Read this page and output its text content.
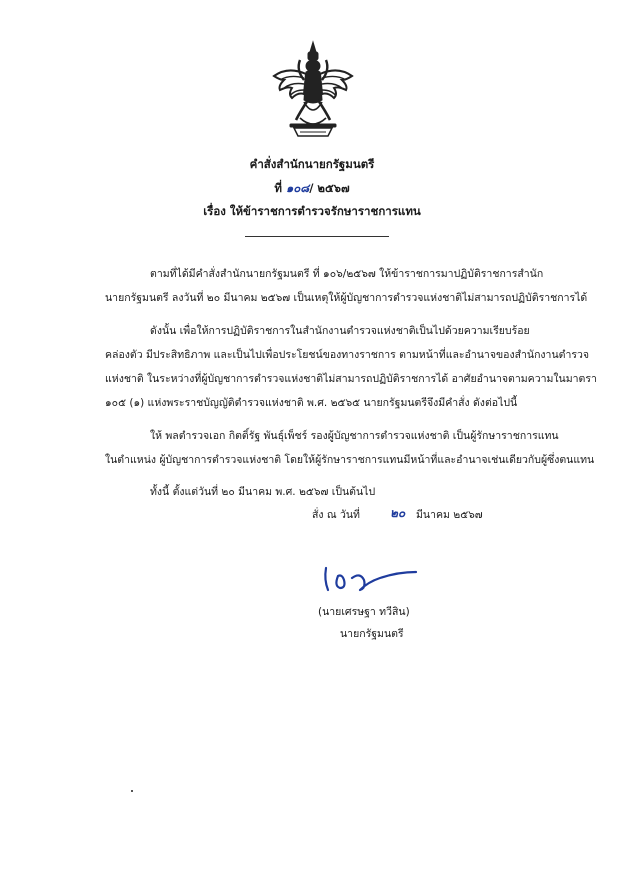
คำสั่งสำนักนายกรัฐมนตรี
ที่ ๑๐๘/ ๒๕๖๗
เรื่อง ให้ข้าราชการตำรวจรักษาราชการแทน
ตามที่ได้มีคำสั่งสำนักนายกรัฐมนตรี ที่ ๑๐๖/๒๕๖๗ ให้ข้าราชการมาปฏิบัติราชการสำนัก
นายกรัฐมนตรี ลงวันที่ ๒๐ มีนาคม ๒๕๖๗ เป็นเหตุให้ผู้บัญชาการตำรวจแห่งชาติไม่สามารถปฏิบัติราชการได้
ดังนั้น เพื่อให้การปฏิบัติราชการในสำนักงานตำรวจแห่งชาติเป็นไปด้วยความเรียบร้อย
คล่องตัว มีประสิทธิภาพ และเป็นไปเพื่อประโยชน์ของทางราชการ ตามหน้าที่และอำนาจของสำนักงานตำรวจ
แห่งชาติ ในระหว่างที่ผู้บัญชาการตำรวจแห่งชาติไม่สามารถปฏิบัติราชการได้ อาศัยอำนาจตามความในมาตรา
๑๐๕ (๑) แห่งพระราชบัญญัติตำรวจแห่งชาติ พ.ศ. ๒๕๖๕ นายกรัฐมนตรีจึงมีคำสั่ง ดังต่อไปนี้
ให้ พลตำรวจเอก กิตติ์รัฐ พันธุ์เพ็ชร์ รองผู้บัญชาการตำรวจแห่งชาติ เป็นผู้รักษาราชการแทน
ในตำแหน่ง ผู้บัญชาการตำรวจแห่งชาติ โดยให้ผู้รักษาราชการแทนมีหน้าที่และอำนาจเช่นเดียวกับผู้ซึ่งตนแทน
ทั้งนี้ ตั้งแต่วันที่ ๒๐ มีนาคม พ.ศ. ๒๕๖๗ เป็นต้นไป
สั่ง ณ วันที่	๒๐ มีนาคม ๒๕๖๗
(นายเศรษฐา ทวีสิน)
นายกรัฐมนตรี
